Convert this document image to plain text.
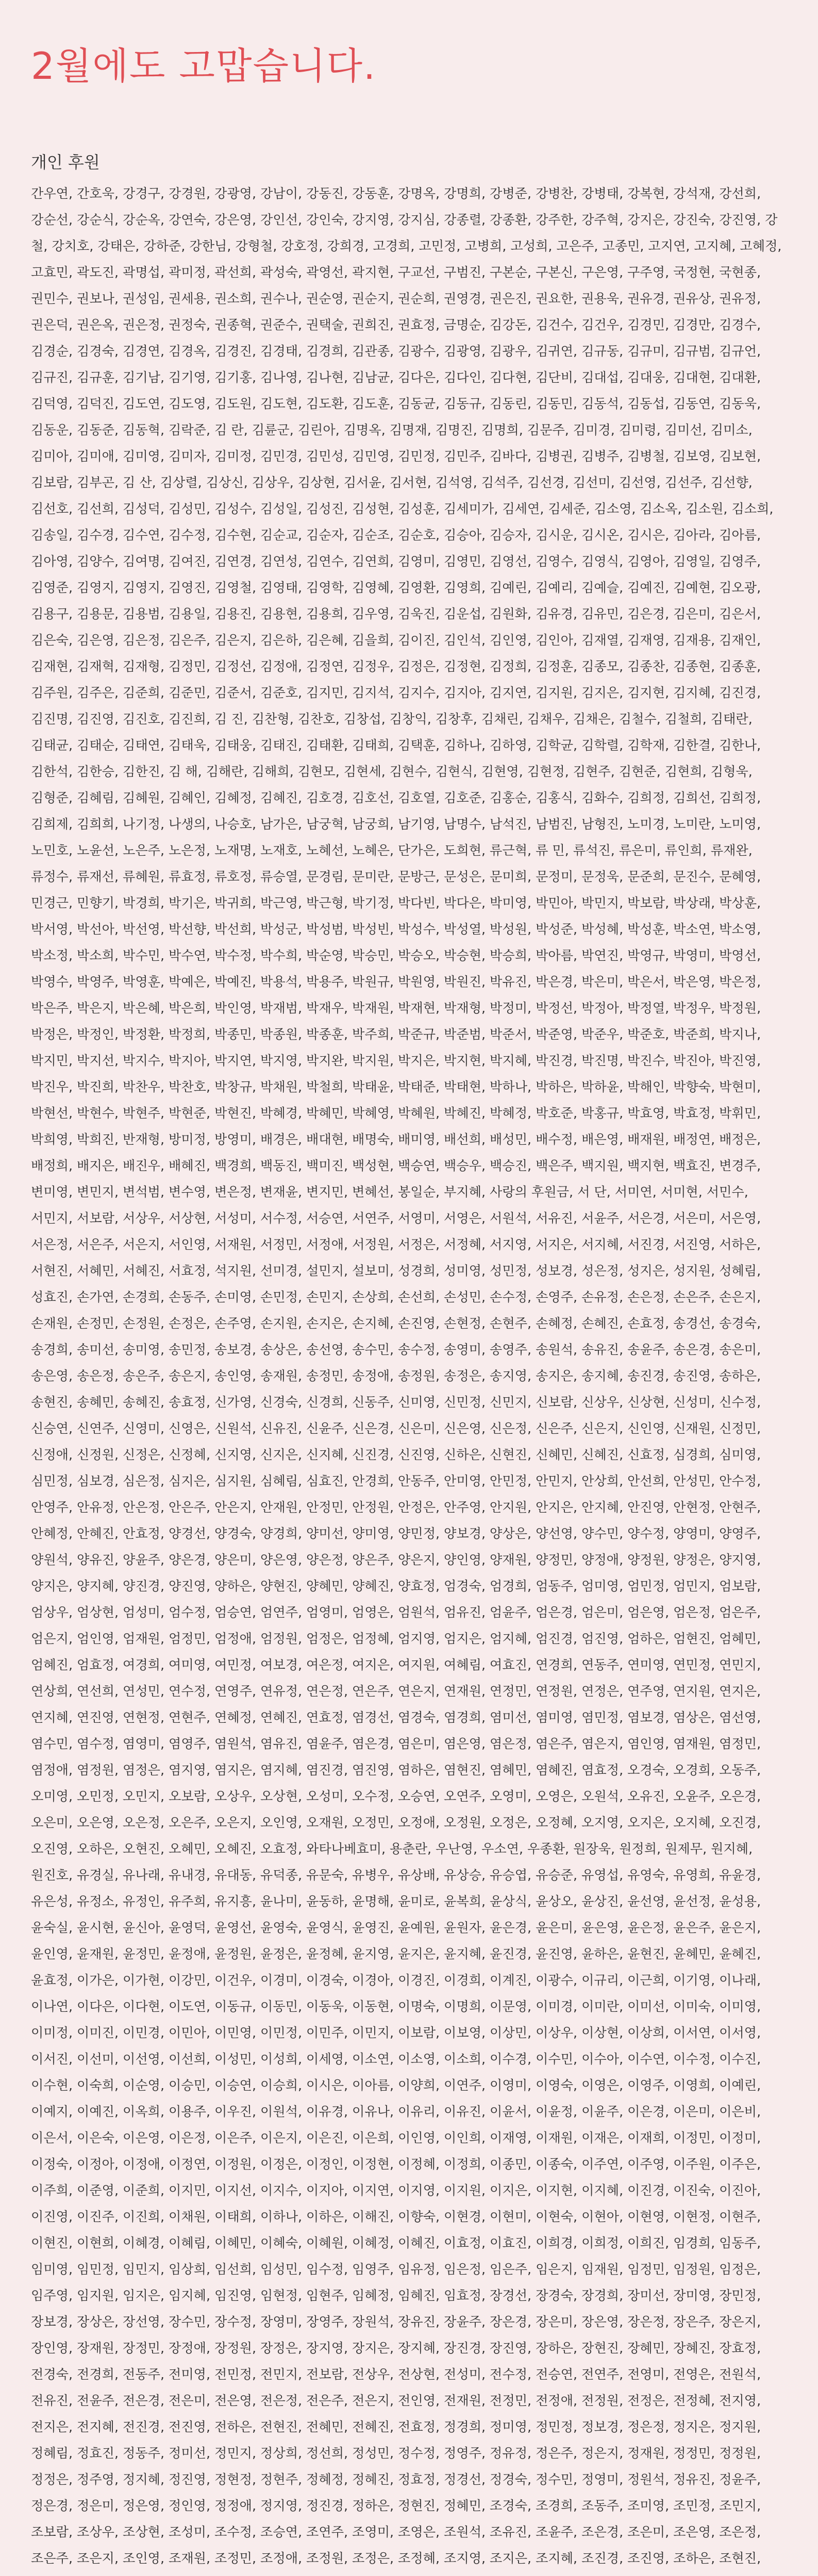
2월에도 고맙습니다.
개인 후원

간우연, 간호욱, 강경구, 강경원, 강광영, 강남이, 강동진, 강동훈, 강명옥, 강명희, 강병준, 강병찬, 강병태, 강복현, 강석재, 강선희, 강순선, 강순식, 강순옥, 강연숙, 강은영, 강인선, 강인숙, 강지영, 강지심, 강종렬, 강종환, 강주한, 강주혁, 강지은, 강진숙, 강진영, 강 철, 강치호, 강태은, 강하준, 강한님, 강형철, 강호정, 강희경, 고경희, 고민정, 고병희, 고성희, 고은주, 고종민, 고지연, 고지혜, 고혜정, 고효민, 곽도진, 곽명섭, 곽미정, 곽선희, 곽성숙, 곽영선, 곽지현, 구교선, 구범진, 구본순, 구본신, 구은영, 구주영, 국정현, 국현종, 권민수, 권보나, 권성임, 권세용, 권소희, 권수나, 권순영, 권순지, 권순희, 권영경, 권은진, 권요한, 권용욱, 권유경, 권유상, 권유정, 권은덕, 권은옥, 권은정, 권정숙, 권종혁, 권준수, 권택술, 권희진, 권효정, 금명순, 김강돈, 김건수, 김건우, 김경민, 김경만, 김경수, 김경순, 김경숙, 김경연, 김경옥, 김경진, 김경태, 김경희, 김관종, 김광수, 김광영, 김광우, 김귀연, 김규동, 김규미, 김규범, 김규언, 김규진, 김규훈, 김기남, 김기영, 김기홍, 김나영, 김나현, 김남균, 김다은, 김다인, 김다현, 김단비, 김대섭, 김대웅, 김대현, 김대환, 김덕영, 김덕진, 김도연, 김도영, 김도원, 김도현, 김도환, 김도훈, 김동균, 김동규, 김동린, 김동민, 김동석, 김동섭, 김동연, 김동욱, 김동운, 김동준, 김동혁, 김락준, 김 란, 김륜군, 김린아, 김명옥, 김명재, 김명진, 김명희, 김문주, 김미경, 김미령, 김미선, 김미소, 김미아, 김미애, 김미영, 김미자, 김미정, 김민경, 김민성, 김민영, 김민정, 김민주, 김바다, 김병권, 김병주, 김병철, 김보영, 김보현, 김보람, 김부곤, 김 산, 김상렬, 김상신, 김상우, 김상현, 김서윤, 김서현, 김석영, 김석주, 김선경, 김선미, 김선영, 김선주, 김선향, 김선호, 김선희, 김성덕, 김성민, 김성수, 김성일, 김성진, 김성현, 김성훈, 김세미가, 김세연, 김세준, 김소영, 김소옥, 김소원, 김소희, 김송일, 김수경, 김수연, 김수정, 김수현, 김순교, 김순자, 김순조, 김순호, 김승아, 김승자, 김시운, 김시온, 김시은, 김아라, 김아름, 김아영, 김양수, 김여명, 김여진, 김연경, 김연성, 김연수, 김연희, 김영미, 김영민, 김영선, 김영수, 김영식, 김영아, 김영일, 김영주, 김영준, 김영지, 김영지, 김영진, 김영철, 김영태, 김영학, 김영혜, 김영환, 김영희, 김예린, 김예리, 김예슬, 김예진, 김예현, 김오광, 김용구, 김용문, 김용범, 김용일, 김용진, 김용현, 김용희, 김우영, 김욱진, 김운섭, 김원화, 김유경, 김유민, 김은경, 김은미, 김은서, 김은숙, 김은영, 김은정, 김은주, 김은지, 김은하, 김은혜, 김을희, 김이진, 김인석, 김인영, 김인아, 김재열, 김재영, 김재용, 김재인, 김재현, 김재혁, 김재형, 김정민, 김정선, 김정애, 김정연, 김정우, 김정은, 김정현, 김정희, 김정훈, 김종모, 김종찬, 김종현, 김종훈, 김주원, 김주은, 김준희, 김준민, 김준서, 김준호, 김지민, 김지석, 김지수, 김지아, 김지연, 김지원, 김지은, 김지현, 김지혜, 김진경, 김진명, 김진영, 김진호, 김진희, 김 진, 김찬형, 김찬호, 김창섭, 김창익, 김창후, 김채린, 김채우, 김채은, 김철수, 김철희, 김태란, 김태균, 김태순, 김태연, 김태욱, 김태웅, 김태진, 김태환, 김태희, 김택훈, 김하나, 김하영, 김학균, 김학렬, 김학재, 김한결, 김한나, 김한석, 김한승, 김한진, 김 해, 김해란, 김해희, 김현모, 김현세, 김현수, 김현식, 김현영, 김현정, 김현주, 김현준, 김현희, 김형욱, 김형준, 김혜림, 김혜원, 김혜인, 김혜정, 김혜진, 김호경, 김호선, 김호열, 김호준, 김홍순, 김홍식, 김화수, 김희정, 김희선, 김희정, 김희제, 김희희, 나기정, 나생의, 나승호, 남가은, 남궁혁, 남궁희, 남기영, 남명수, 남석진, 남범진, 남형진, 노미경, 노미란, 노미영, 노민호, 노윤선, 노은주, 노은정, 노재명, 노재호, 노혜선, 노혜은, 단가은, 도희현, 류근혁, 류 민, 류석진, 류은미, 류인희, 류재완, 류정수, 류재선, 류혜원, 류효정, 류호정, 류승열, 문경림, 문미란, 문방근, 문성은, 문미희, 문정미, 문정욱, 문준희, 문진수, 문혜영, 민경근, 민향기, 박경희, 박기은, 박귀희, 박근영, 박근형, 박기정, 박다빈, 박다은, 박미영, 박민아, 박민지, 박보람, 박상래, 박상훈, 박서영, 박선아, 박선영, 박선향, 박선희, 박성군, 박성범, 박성빈, 박성수, 박성열, 박성원, 박성준, 박성혜, 박성훈, 박소연, 박소영, 박소정, 박소희, 박수민, 박수연, 박수정, 박수희, 박순영, 박승민, 박승오, 박승현, 박승희, 박아름, 박연진, 박영규, 박영미, 박영선, 박영수, 박영주, 박영훈, 박예은, 박예진, 박용석, 박용주, 박원규, 박원영, 박원진, 박유진, 박은경, 박은미, 박은서, 박은영, 박은정, 박은주, 박은지, 박은혜, 박은희, 박인영, 박재범, 박재우, 박재원, 박재현, 박재형, 박정미, 박정선, 박정아, 박정열, 박정우, 박정원, 박정은, 박정인, 박정환, 박정희, 박종민, 박종원, 박종훈, 박주희, 박준규, 박준범, 박준서, 박준영, 박준우, 박준호, 박준희, 박지나, 박지민, 박지선, 박지수, 박지아, 박지연, 박지영, 박지완, 박지원, 박지은, 박지현, 박지혜, 박진경, 박진명, 박진수, 박진아, 박진영, 박진우, 박진희, 박찬우, 박찬호, 박창규, 박채원, 박철희, 박태윤, 박태준, 박태현, 박하나, 박하은, 박하윤, 박해인, 박향숙, 박현미, 박현선, 박현수, 박현주, 박현준, 박현진, 박혜경, 박혜민, 박혜영, 박혜원, 박혜진, 박혜정, 박호준, 박홍규, 박효영, 박효정, 박휘민, 박희영, 박희진, 반재형, 방미정, 방영미, 배경은, 배대현, 배명숙, 배미영, 배선희, 배성민, 배수정, 배은영, 배재원, 배정연, 배정은, 배정희, 배지은, 배진우, 배혜진, 백경희, 백동진, 백미진, 백성현, 백승연, 백승우, 백승진, 백은주, 백지원, 백지현, 백효진, 변경주, 변미영, 변민지, 변석범, 변수영, 변은정, 변재윤, 변지민, 변혜선, 봉일순, 부지혜, 사랑의 후원금, 서 단, 서미연, 서미현, 서민수, 서민지, 서보람, 서상우, 서상현, 서성미, 서수정, 서승연, 서연주, 서영미, 서영은, 서원석, 서유진, 서윤주, 서은경, 서은미, 서은영, 서은정, 서은주, 서은지, 서인영, 서재원, 서정민, 서정애, 서정원, 서정은, 서정혜, 서지영, 서지은, 서지혜, 서진경, 서진영, 서하은, 서현진, 서혜민, 서혜진, 서효정, 석지원, 선미경, 설민지, 설보미, 성경희, 성미영, 성민정, 성보경, 성은정, 성지은, 성지원, 성혜림, 성효진, 손가연, 손경희, 손동주, 손미영, 손민정, 손민지, 손상희, 손선희, 손성민, 손수정, 손영주, 손유정, 손은정, 손은주, 손은지, 손재원, 손정민, 손정원, 손정은, 손주영, 손지원, 손지은, 손지혜, 손진영, 손현정, 손현주, 손혜정, 손혜진, 손효정, 송경선, 송경숙, 송경희, 송미선, 송미영, 송민정, 송보경, 송상은, 송선영, 송수민, 송수정, 송영미, 송영주, 송원석, 송유진, 송윤주, 송은경, 송은미, 송은영, 송은정, 송은주, 송은지, 송인영, 송재원, 송정민, 송정애, 송정원, 송정은, 송지영, 송지은, 송지혜, 송진경, 송진영, 송하은, 송현진, 송혜민, 송혜진, 송효정, 신가영, 신경숙, 신경희, 신동주, 신미영, 신민정, 신민지, 신보람, 신상우, 신상현, 신성미, 신수정, 신승연, 신연주, 신영미, 신영은, 신원석, 신유진, 신윤주, 신은경, 신은미, 신은영, 신은정, 신은주, 신은지, 신인영, 신재원, 신정민, 신정애, 신정원, 신정은, 신정혜, 신지영, 신지은, 신지혜, 신진경, 신진영, 신하은, 신현진, 신혜민, 신혜진, 신효정, 심경희, 심미영, 심민정, 심보경, 심은정, 심지은, 심지원, 심혜림, 심효진, 안경희, 안동주, 안미영, 안민정, 안민지, 안상희, 안선희, 안성민, 안수정, 안영주, 안유정, 안은정, 안은주, 안은지, 안재원, 안정민, 안정원, 안정은, 안주영, 안지원, 안지은, 안지혜, 안진영, 안현정, 안현주, 안혜정, 안혜진, 안효정, 양경선, 양경숙, 양경희, 양미선, 양미영, 양민정, 양보경, 양상은, 양선영, 양수민, 양수정, 양영미, 양영주, 양원석, 양유진, 양윤주, 양은경, 양은미, 양은영, 양은정, 양은주, 양은지, 양인영, 양재원, 양정민, 양정애, 양정원, 양정은, 양지영, 양지은, 양지혜, 양진경, 양진영, 양하은, 양현진, 양혜민, 양혜진, 양효정, 엄경숙, 엄경희, 엄동주, 엄미영, 엄민정, 엄민지, 엄보람, 엄상우, 엄상현, 엄성미, 엄수정, 엄승연, 엄연주, 엄영미, 엄영은, 엄원석, 엄유진, 엄윤주, 엄은경, 엄은미, 엄은영, 엄은정, 엄은주, 엄은지, 엄인영, 엄재원, 엄정민, 엄정애, 엄정원, 엄정은, 엄정혜, 엄지영, 엄지은, 엄지혜, 엄진경, 엄진영, 엄하은, 엄현진, 엄혜민, 엄혜진, 엄효정, 여경희, 여미영, 여민정, 여보경, 여은정, 여지은, 여지원, 여혜림, 여효진, 연경희, 연동주, 연미영, 연민정, 연민지, 연상희, 연선희, 연성민, 연수정, 연영주, 연유정, 연은정, 연은주, 연은지, 연재원, 연정민, 연정원, 연정은, 연주영, 연지원, 연지은, 연지혜, 연진영, 연현정, 연현주, 연혜정, 연혜진, 연효정, 염경선, 염경숙, 염경희, 염미선, 염미영, 염민정, 염보경, 염상은, 염선영, 염수민, 염수정, 염영미, 염영주, 염원석, 염유진, 염윤주, 염은경, 염은미, 염은영, 염은정, 염은주, 염은지, 염인영, 염재원, 염정민, 염정애, 염정원, 염정은, 염지영, 염지은, 염지혜, 염진경, 염진영, 염하은, 염현진, 염혜민, 염혜진, 염효정, 오경숙, 오경희, 오동주, 오미영, 오민정, 오민지, 오보람, 오상우, 오상현, 오성미, 오수정, 오승연, 오연주, 오영미, 오영은, 오원석, 오유진, 오윤주, 오은경, 오은미, 오은영, 오은정, 오은주, 오은지, 오인영, 오재원, 오정민, 오정애, 오정원, 오정은, 오정혜, 오지영, 오지은, 오지혜, 오진경, 오진영, 오하은, 오현진, 오혜민, 오혜진, 오효정, 와타나베효미, 용춘란, 우난영, 우소연, 우종환, 원장욱, 원정희, 원제무, 원지혜, 원진호, 유경실, 유나래, 유내경, 유대동, 유덕종, 유문숙, 유병우, 유상배, 유상승, 유승엽, 유승준, 유영섭, 유영숙, 유영희, 유윤경, 유은성, 유정소, 유정인, 유주희, 유지흥, 윤나미, 윤동하, 윤명해, 윤미로, 윤복희, 윤상식, 윤상오, 윤상진, 윤선영, 윤선정, 윤성용, 윤숙실, 윤시현, 윤신아, 윤영덕, 윤영선, 윤영숙, 윤영식, 윤영진, 윤예원, 윤원자, 윤은경, 윤은미, 윤은영, 윤은정, 윤은주, 윤은지, 윤인영, 윤재원, 윤정민, 윤정애, 윤정원, 윤정은, 윤정혜, 윤지영, 윤지은, 윤지혜, 윤진경, 윤진영, 윤하은, 윤현진, 윤혜민, 윤혜진, 윤효정, 이가은, 이가현, 이강민, 이건우, 이경미, 이경숙, 이경아, 이경진, 이경희, 이계진, 이광수, 이규리, 이근희, 이기영, 이나래, 이나연, 이다은, 이다현, 이도연, 이동규, 이동민, 이동욱, 이동현, 이명숙, 이명희, 이문영, 이미경, 이미란, 이미선, 이미숙, 이미영, 이미정, 이미진, 이민경, 이민아, 이민영, 이민정, 이민주, 이민지, 이보람, 이보영, 이상민, 이상우, 이상현, 이상희, 이서연, 이서영, 이서진, 이선미, 이선영, 이선희, 이성민, 이성희, 이세영, 이소연, 이소영, 이소희, 이수경, 이수민, 이수아, 이수연, 이수정, 이수진, 이수현, 이숙희, 이순영, 이승민, 이승연, 이승희, 이시은, 이아름, 이양희, 이연주, 이영미, 이영숙, 이영은, 이영주, 이영희, 이예린, 이예지, 이예진, 이옥희, 이용주, 이우진, 이원석, 이유경, 이유나, 이유리, 이유진, 이윤서, 이윤정, 이윤주, 이은경, 이은미, 이은비, 이은서, 이은숙, 이은영, 이은정, 이은주, 이은지, 이은진, 이은희, 이인영, 이인희, 이재영, 이재원, 이재은, 이재희, 이정민, 이정미, 이정숙, 이정아, 이정애, 이정연, 이정원, 이정은, 이정인, 이정현, 이정혜, 이정희, 이종민, 이종숙, 이주연, 이주영, 이주원, 이주은, 이주희, 이준영, 이준희, 이지민, 이지선, 이지수, 이지아, 이지연, 이지영, 이지원, 이지은, 이지현, 이지혜, 이진경, 이진숙, 이진아, 이진영, 이진주, 이진희, 이채원, 이태희, 이하나, 이하은, 이해진, 이향숙, 이현경, 이현미, 이현숙, 이현아, 이현영, 이현정, 이현주, 이현진, 이현희, 이혜경, 이혜림, 이혜민, 이혜숙, 이혜원, 이혜정, 이혜진, 이효정, 이효진, 이희경, 이희정, 이희진, 임경희, 임동주, 임미영, 임민정, 임민지, 임상희, 임선희, 임성민, 임수정, 임영주, 임유정, 임은정, 임은주, 임은지, 임재원, 임정민, 임정원, 임정은, 임주영, 임지원, 임지은, 임지혜, 임진영, 임현정, 임현주, 임혜정, 임혜진, 임효정, 장경선, 장경숙, 장경희, 장미선, 장미영, 장민정, 장보경, 장상은, 장선영, 장수민, 장수정, 장영미, 장영주, 장원석, 장유진, 장윤주, 장은경, 장은미, 장은영, 장은정, 장은주, 장은지, 장인영, 장재원, 장정민, 장정애, 장정원, 장정은, 장지영, 장지은, 장지혜, 장진경, 장진영, 장하은, 장현진, 장혜민, 장혜진, 장효정, 전경숙, 전경희, 전동주, 전미영, 전민정, 전민지, 전보람, 전상우, 전상현, 전성미, 전수정, 전승연, 전연주, 전영미, 전영은, 전원석, 전유진, 전윤주, 전은경, 전은미, 전은영, 전은정, 전은주, 전은지, 전인영, 전재원, 전정민, 전정애, 전정원, 전정은, 전정혜, 전지영, 전지은, 전지혜, 전진경, 전진영, 전하은, 전현진, 전혜민, 전혜진, 전효정, 정경희, 정미영, 정민정, 정보경, 정은정, 정지은, 정지원, 정혜림, 정효진, 정동주, 정미선, 정민지, 정상희, 정선희, 정성민, 정수정, 정영주, 정유정, 정은주, 정은지, 정재원, 정정민, 정정원, 정정은, 정주영, 정지혜, 정진영, 정현정, 정현주, 정혜정, 정혜진, 정효정, 정경선, 정경숙, 정수민, 정영미, 정원석, 정유진, 정윤주, 정은경, 정은미, 정은영, 정인영, 정정애, 정지영, 정진경, 정하은, 정현진, 정혜민, 조경숙, 조경희, 조동주, 조미영, 조민정, 조민지, 조보람, 조상우, 조상현, 조성미, 조수정, 조승연, 조연주, 조영미, 조영은, 조원석, 조유진, 조윤주, 조은경, 조은미, 조은영, 조은정, 조은주, 조은지, 조인영, 조재원, 조정민, 조정애, 조정원, 조정은, 조정혜, 조지영, 조지은, 조지혜, 조진경, 조진영, 조하은, 조현진,
